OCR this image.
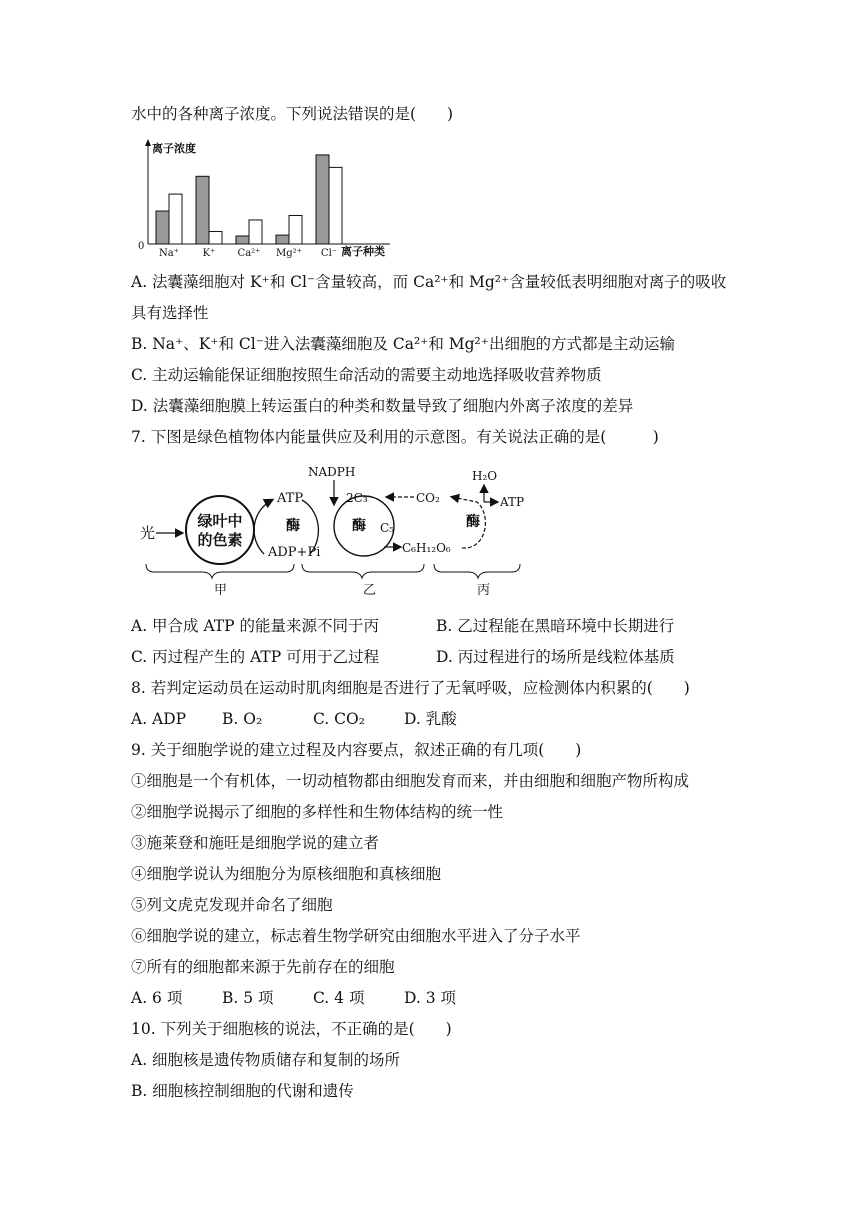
水中的各种离子浓度。下列说法错误的是(　　)
离子浓度
0	离子种类
Na⁺ K⁺ Ca²⁺ Mg²⁺ Cl⁻
A. 法囊藻细胞对 K⁺和 Cl⁻含量较高，而 Ca²⁺和 Mg²⁺含量较低表明细胞对离子的吸收
具有选择性
B. Na⁺、K⁺和 Cl⁻进入法囊藻细胞及 Ca²⁺和 Mg²⁺出细胞的方式都是主动运输
C. 主动运输能保证细胞按照生命活动的需要主动地选择吸收营养物质
D. 法囊藻细胞膜上转运蛋白的种类和数量导致了细胞内外离子浓度的差异
7. 下图是绿色植物体内能量供应及利用的示意图。有关说法正确的是(　　　)
光
绿叶中
的色素
ATP
酶
ADP+Pi
NADPH
2C₃
酶 C₅
C₆H₁₂O₆
CO₂
酶
H₂O
ATP
甲	乙	丙
A. 甲合成 ATP 的能量来源不同于丙	B. 乙过程能在黑暗环境中长期进行
C. 丙过程产生的 ATP 可用于乙过程	D. 丙过程进行的场所是线粒体基质
8. 若判定运动员在运动时肌肉细胞是否进行了无氧呼吸，应检测体内积累的(　　)
A. ADP B. O₂	C. CO₂	D. 乳酸
9. 关于细胞学说的建立过程及内容要点，叙述正确的有几项(　　)
①细胞是一个有机体，一切动植物都由细胞发育而来，并由细胞和细胞产物所构成
②细胞学说揭示了细胞的多样性和生物体结构的统一性
③施莱登和施旺是细胞学说的建立者
④细胞学说认为细胞分为原核细胞和真核细胞
⑤列文虎克发现并命名了细胞
⑥细胞学说的建立，标志着生物学研究由细胞水平进入了分子水平
⑦所有的细胞都来源于先前存在的细胞
A. 6 项	B. 5 项	C. 4 项	D. 3 项
10. 下列关于细胞核的说法，不正确的是(　　)
A. 细胞核是遗传物质储存和复制的场所
B. 细胞核控制细胞的代谢和遗传
